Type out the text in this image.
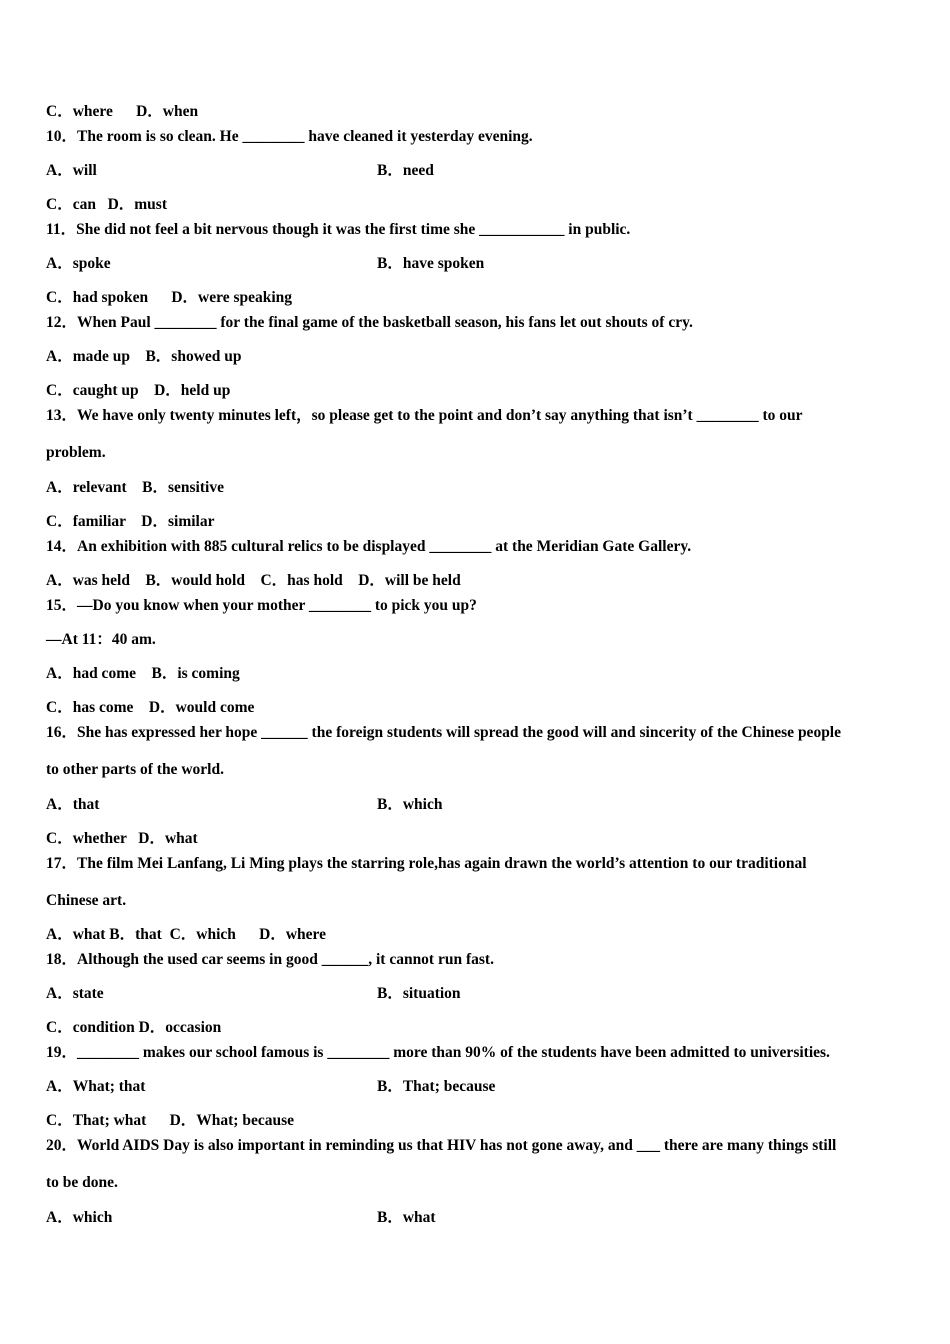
C．where      D．when
10．The room is so clean. He ________ have cleaned it yesterday evening.
A．will	B．need
C．can   D．must
11．She did not feel a bit nervous though it was the first time she ___________ in public.
A．spoke	B．have spoken
C．had spoken      D．were speaking
12．When Paul ________ for the final game of the basketball season, his fans let out shouts of cry.
A．made up    B．showed up
C．caught up    D．held up
13．We have only twenty minutes left，so please get to the point and don’t say anything that isn’t ________ to our
problem.
A．relevant    B．sensitive
C．familiar    D．similar
14．An exhibition with 885 cultural relics to be displayed ________ at the Meridian Gate Gallery.
A．was held    B．would hold    C．has hold    D．will be held
15．—Do you know when your mother ________ to pick you up?
—At 11：40 am.
A．had come    B．is coming
C．has come    D．would come
16．She has expressed her hope ______ the foreign students will spread the good will and sincerity of the Chinese people
to other parts of the world.
A．that	B．which
C．whether   D．what
17．The film Mei Lanfang, Li Ming plays the starring role,has again drawn the world’s attention to our traditional
Chinese art.
A．what B．that  C．which      D．where
18．Although the used car seems in good ______, it cannot run fast.
A．state	B．situation
C．condition D．occasion
19．________ makes our school famous is ________ more than 90% of the students have been admitted to universities.
A．What; that	B．That; because
C．That; what      D．What; because
20．World AIDS Day is also important in reminding us that HIV has not gone away, and ___ there are many things still
to be done.
A．which	B．what
